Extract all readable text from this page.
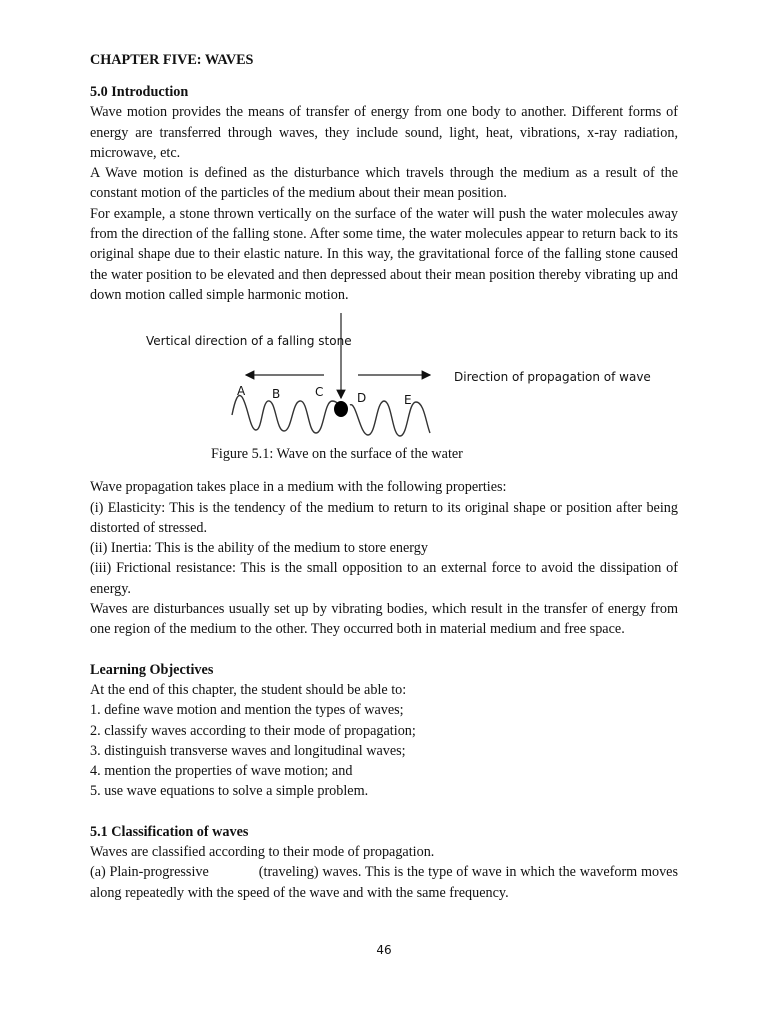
CHAPTER FIVE: WAVES
5.0 Introduction

Wave motion provides the means of transfer of energy from one body to another. Different forms of energy are transferred through waves, they include sound, light, heat, vibrations, x-ray radiation, microwave, etc.

A Wave motion is defined as the disturbance which travels through the medium as a result of the constant motion of the particles of the medium about their mean position.

For example, a stone thrown vertically on the surface of the water will push the water molecules away from the direction of the falling stone. After some time, the water molecules appear to return back to its original shape due to their elastic nature. In this way, the gravitational force of the falling stone caused the water position to be elevated and then depressed about their mean position thereby vibrating up and down motion called simple harmonic motion.

Vertical direction of a falling stone
Direction of propagation of wave
A B	C	D	E
Figure 5.1: Wave on the surface of the water

Wave propagation takes place in a medium with the following properties:

(i) Elasticity: This is the tendency of the medium to return to its original shape or position after being distorted of stressed.

(ii) Inertia: This is the ability of the medium to store energy

(iii) Frictional resistance: This is the small opposition to an external force to avoid the dissipation of energy.

Waves are disturbances usually set up by vibrating bodies, which result in the transfer of energy from one region of the medium to the other. They occurred both in material medium and free space.

Learning Objectives

At the end of this chapter, the student should be able to:

1. define wave motion and mention the types of waves;

2. classify waves according to their mode of propagation;

3. distinguish transverse waves and longitudinal waves;

4. mention the properties of wave motion; and

5. use wave equations to solve a simple problem.

5.1 Classification of waves

Waves are classified according to their mode of propagation.

(a) Plain-progressive	(traveling) waves. This is the type of wave in which the waveform moves along repeatedly with the speed of the wave and with the same frequency.

46
